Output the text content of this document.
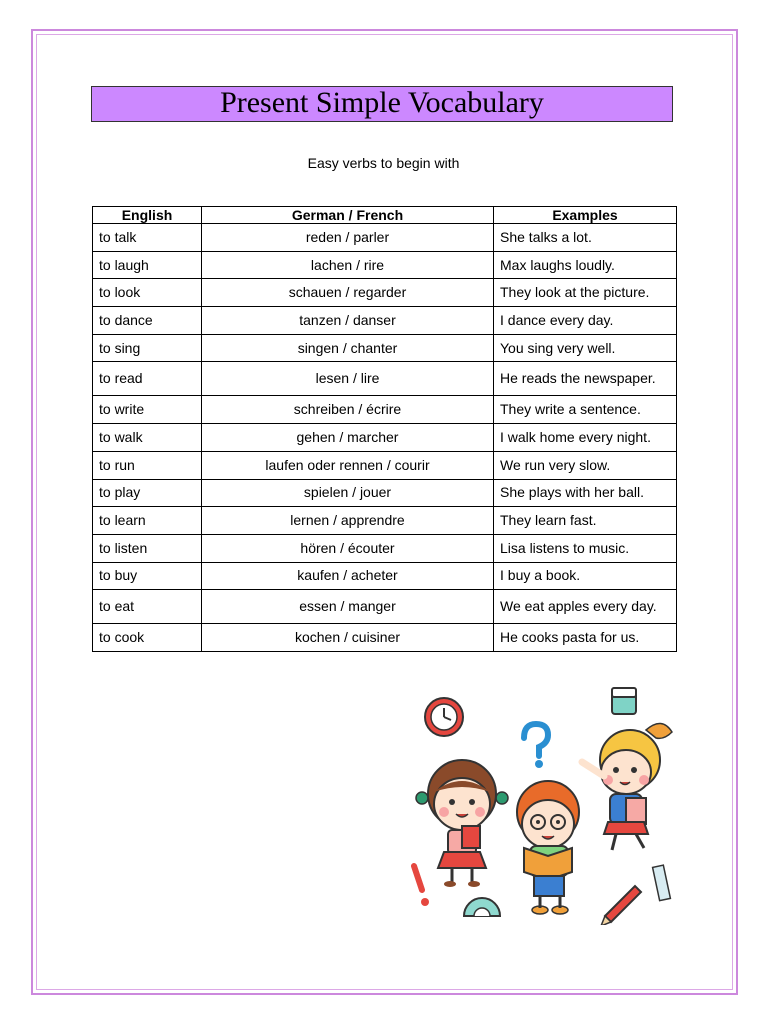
Present Simple Vocabulary
Easy verbs to begin with
English	German / French	Examples
to talk	reden / parler	She talks a lot.
to laugh	lachen / rire	Max laughs loudly.
to look	schauen / regarder	They look at the picture.
to dance	tanzen / danser	I dance every day.
to sing	singen / chanter	You sing very well.
to read	lesen / lire	He reads the newspaper.
to write	schreiben / écrire	They write a sentence.
to walk	gehen / marcher	I walk home every night.
to run	laufen oder rennen / courir	We run very slow.
to play	spielen / jouer	She plays with her ball.
to learn	lernen / apprendre	They learn fast.
to listen	hören / écouter	Lisa listens to music.
to buy	kaufen / acheter	I buy a book.
to eat	essen / manger	We eat apples every day.
to cook	kochen / cuisiner	He cooks pasta for us.
